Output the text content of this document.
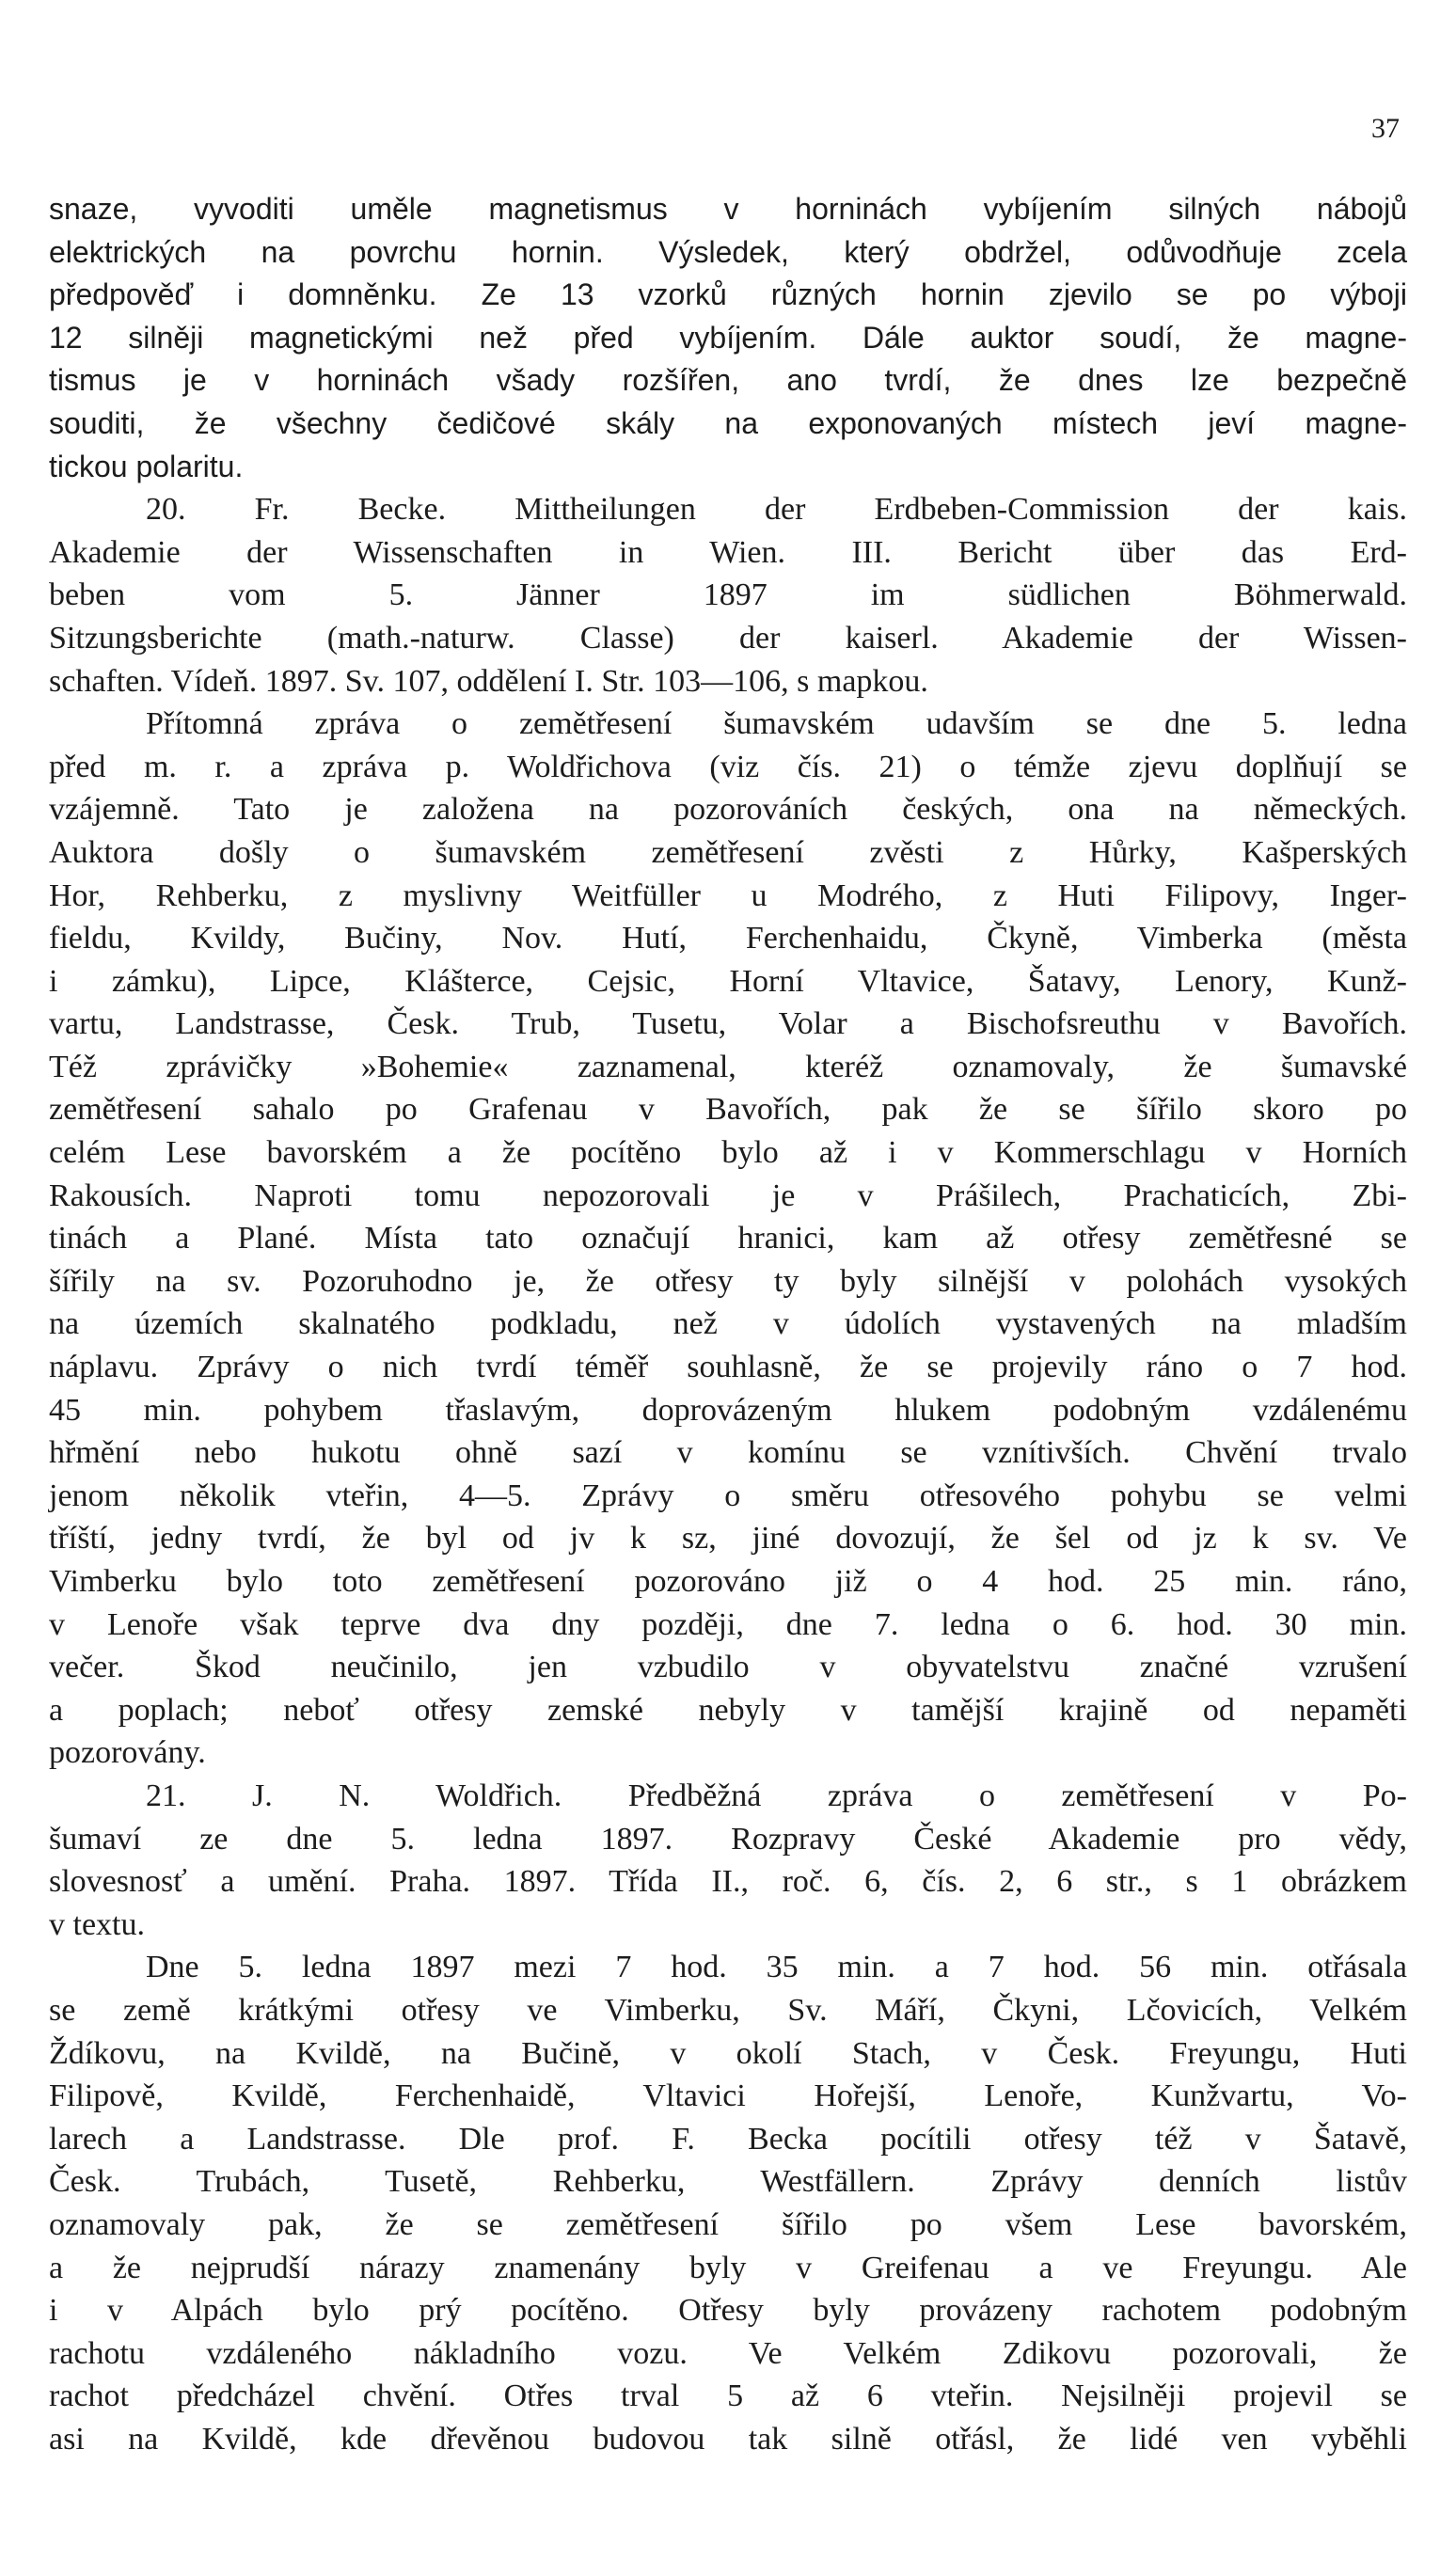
37
snaze, vyvoditi uměle magnetismus v horninách vybíjením silných nábojů
elektrických na povrchu hornin. Výsledek, který obdržel, odůvodňuje zcela
předpověď i domněnku. Ze 13 vzorků různých hornin zjevilo se po výboji
12 silněji magnetickými než před vybíjením. Dále auktor soudí, že magne-
tismus je v horninách všady rozšířen, ano tvrdí, že dnes lze bezpečně
souditi, že všechny čedičové skály na exponovaných místech jeví magne-
tickou polaritu.
20. Fr. Becke. Mittheilungen der Erdbeben-Commission der kais.
Akademie der Wissenschaften in Wien. III. Bericht über das Erd-
beben vom 5. Jänner 1897 im südlichen Böhmerwald.
Sitzungsberichte (math.-naturw. Classe) der kaiserl. Akademie der Wissen-
schaften. Vídeň. 1897. Sv. 107, oddělení I. Str. 103—106, s mapkou.
Přítomná zpráva o zemětřesení šumavském udavším se dne 5. ledna
před m. r. a zpráva p. Woldřichova (viz čís. 21) o témže zjevu doplňují se
vzájemně. Tato je založena na pozorováních českých, ona na německých.
Auktora došly o šumavském zemětřesení zvěsti z Hůrky, Kašperských
Hor, Rehberku, z myslivny Weitfüller u Modrého, z Huti Filipovy, Inger-
fieldu, Kvildy, Bučiny, Nov. Hutí, Ferchenhaidu, Čkyně, Vimberka (města
i zámku), Lipce, Klášterce, Cejsic, Horní Vltavice, Šatavy, Lenory, Kunž-
vartu, Landstrasse, Česk. Trub, Tusetu, Volar a Bischofsreuthu v Bavořích.
Též zprávičky »Bohemie« zaznamenal, kteréž oznamovaly, že šumavské
zemětřesení sahalo po Grafenau v Bavořích, pak že se šířilo skoro po
celém Lese bavorském a že pocítěno bylo až i v Kommerschlagu v Horních
Rakousích. Naproti tomu nepozorovali je v Prášilech, Prachaticích, Zbi-
tinách a Plané. Místa tato označují hranici, kam až otřesy zemětřesné se
šířily na sv. Pozoruhodno je, že otřesy ty byly silnější v polohách vysokých
na územích skalnatého podkladu, než v údolích vystavených na mladším
náplavu. Zprávy o nich tvrdí téměř souhlasně, že se projevily ráno o 7 hod.
45 min. pohybem třaslavým, doprovázeným hlukem podobným vzdálenému
hřmění nebo hukotu ohně sazí v komínu se vznítivších. Chvění trvalo
jenom několik vteřin, 4—5. Zprávy o směru otřesového pohybu se velmi
tříští, jedny tvrdí, že byl od jv k sz, jiné dovozují, že šel od jz k sv. Ve
Vimberku bylo toto zemětřesení pozorováno již o 4 hod. 25 min. ráno,
v Lenoře však teprve dva dny později, dne 7. ledna o 6. hod. 30 min.
večer. Škod neučinilo, jen vzbudilo v obyvatelstvu značné vzrušení
a poplach; neboť otřesy zemské nebyly v tamější krajině od nepaměti
pozorovány.
21. J. N. Woldřich. Předběžná zpráva o zemětřesení v Po-
šumaví ze dne 5. ledna 1897. Rozpravy České Akademie pro vědy,
slovesnosť a umění. Praha. 1897. Třída II., roč. 6, čís. 2, 6 str., s 1 obrázkem
v textu.
Dne 5. ledna 1897 mezi 7 hod. 35 min. a 7 hod. 56 min. otřásala
se země krátkými otřesy ve Vimberku, Sv. Máří, Čkyni, Lčovicích, Velkém
Ždíkovu, na Kvildě, na Bučině, v okolí Stach, v Česk. Freyungu, Huti
Filipově, Kvildě, Ferchenhaidě, Vltavici Hořejší, Lenoře, Kunžvartu, Vo-
larech a Landstrasse. Dle prof. F. Becka pocítili otřesy též v Šatavě,
Česk. Trubách, Tusetě, Rehberku, Westfällern. Zprávy denních listův
oznamovaly pak, že se zemětřesení šířilo po všem Lese bavorském,
a že nejprudší nárazy znamenány byly v Greifenau a ve Freyungu. Ale
i v Alpách bylo prý pocítěno. Otřesy byly provázeny rachotem podobným
rachotu vzdáleného nákladního vozu. Ve Velkém Zdikovu pozorovali, že
rachot předcházel chvění. Otřes trval 5 až 6 vteřin. Nejsilněji projevil se
asi na Kvildě, kde dřevěnou budovou tak silně otřásl, že lidé ven vyběhli
